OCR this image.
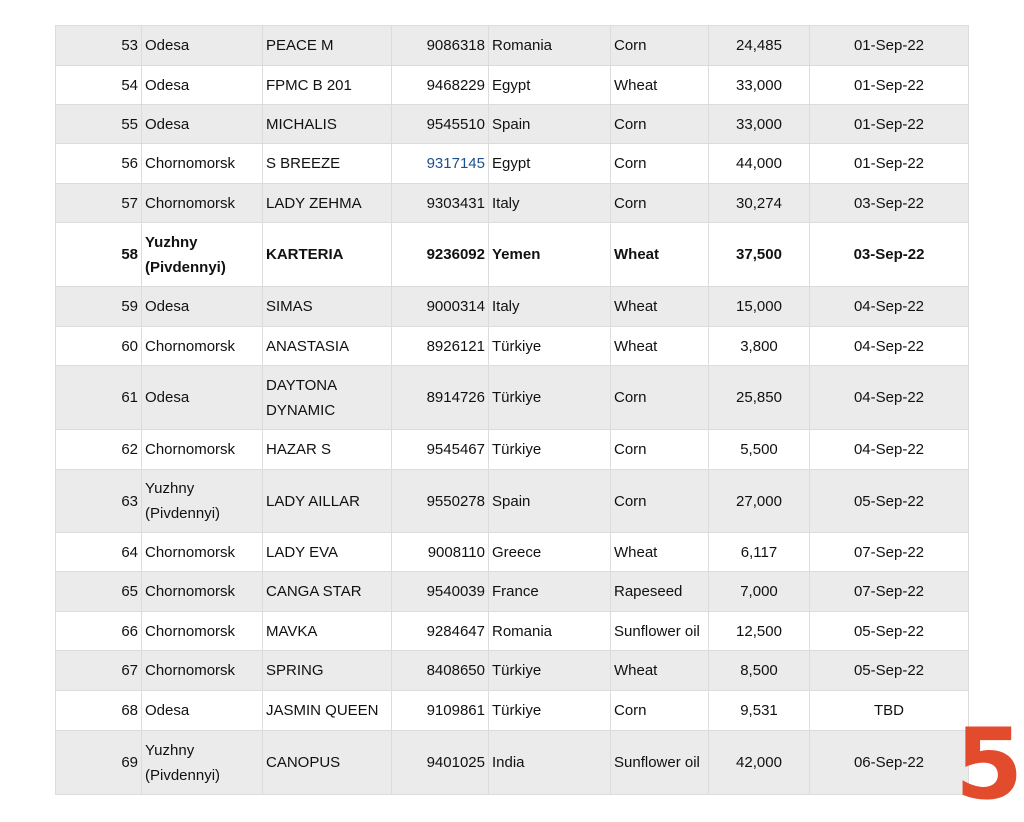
53	Odesa	PEACE M	9086318	Romania	Corn	24,485	01-Sep-22
54	Odesa	FPMC B 201	9468229	Egypt	Wheat	33,000	01-Sep-22
55	Odesa	MICHALIS	9545510	Spain	Corn	33,000	01-Sep-22
56	Chornomorsk	S BREEZE	9317145	Egypt	Corn	44,000	01-Sep-22
57	Chornomorsk	LADY ZEHMA	9303431	Italy	Corn	30,274	03-Sep-22
58	Yuzhny (Pivdennyi)	KARTERIA	9236092	Yemen	Wheat	37,500	03-Sep-22
59	Odesa	SIMAS	9000314	Italy	Wheat	15,000	04-Sep-22
60	Chornomorsk	ANASTASIA	8926121	Türkiye	Wheat	3,800	04-Sep-22
61	Odesa	DAYTONA DYNAMIC	8914726	Türkiye	Corn	25,850	04-Sep-22
62	Chornomorsk	HAZAR S	9545467	Türkiye	Corn	5,500	04-Sep-22
63	Yuzhny (Pivdennyi)	LADY AILLAR	9550278	Spain	Corn	27,000	05-Sep-22
64	Chornomorsk	LADY EVA	9008110	Greece	Wheat	6,117	07-Sep-22
65	Chornomorsk	CANGA STAR	9540039	France	Rapeseed	7,000	07-Sep-22
66	Chornomorsk	MAVKA	9284647	Romania	Sunflower oil	12,500	05-Sep-22
67	Chornomorsk	SPRING	8408650	Türkiye	Wheat	8,500	05-Sep-22
68	Odesa	JASMIN QUEEN	9109861	Türkiye	Corn	9,531	TBD
69	Yuzhny (Pivdennyi)	CANOPUS	9401025	India	Sunflower oil	42,000	06-Sep-22 5
